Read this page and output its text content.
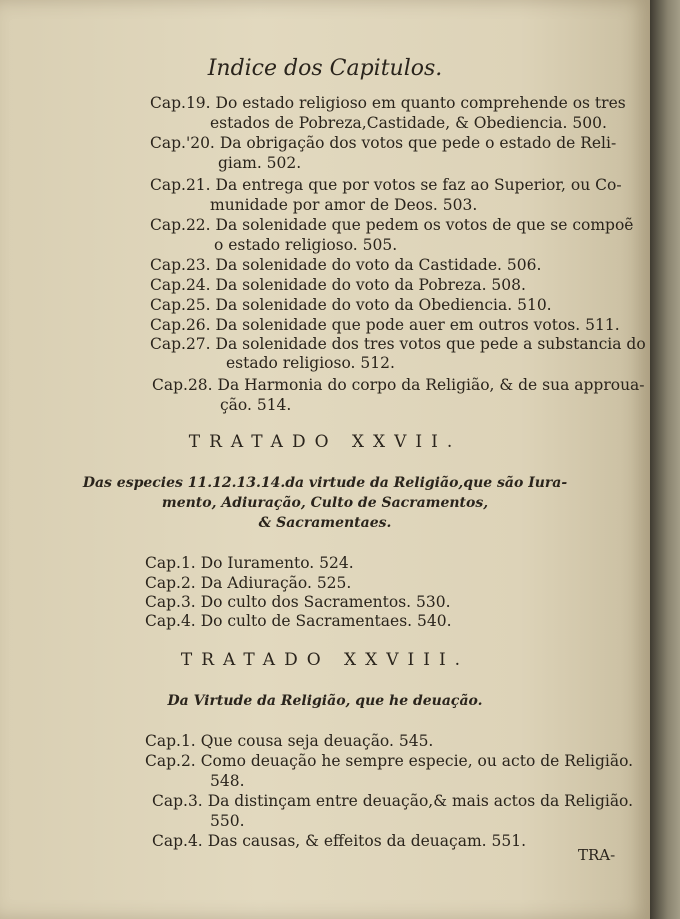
Indice dos Capitulos.
Cap.19. Do estado religioso em quanto comprehende os tres
estados de Pobreza,Castidade, & Obediencia. 500.
Cap.'20. Da obrigação dos votos que pede o estado de Reli-
giam. 502.
Cap.21. Da entrega que por votos se faz ao Superior, ou Co-
munidade por amor de Deos. 503.
Cap.22. Da solenidade que pedem os votos de que se compoẽ
o estado religioso. 505.
Cap.23. Da solenidade do voto da Castidade. 506.
Cap.24. Da solenidade do voto da Pobreza. 508.
Cap.25. Da solenidade do voto da Obediencia. 510.
Cap.26. Da solenidade que pode auer em outros votos. 511.
Cap.27. Da solenidade dos tres votos que pede a substancia do
estado religioso. 512.
Cap.28. Da Harmonia do corpo da Religião, & de sua approua-
ção. 514.
TRATADO XXVII.
Das especies 11.12.13.14.da virtude da Religião,que são Iura-
mento, Adiuração, Culto de Sacramentos,
& Sacramentaes.
Cap.1. Do Iuramento. 524.
Cap.2. Da Adiuração. 525.
Cap.3. Do culto dos Sacramentos. 530.
Cap.4. Do culto de Sacramentaes. 540.
TRATADO XXVIII.
Da Virtude da Religião, que he deuação.
Cap.1. Que cousa seja deuação. 545.
Cap.2. Como deuação he sempre especie, ou acto de Religião.
548.
Cap.3. Da distinçam entre deuação,& mais actos da Religião.
550.
Cap.4. Das causas, & effeitos da deuaçam. 551.
TRA-
